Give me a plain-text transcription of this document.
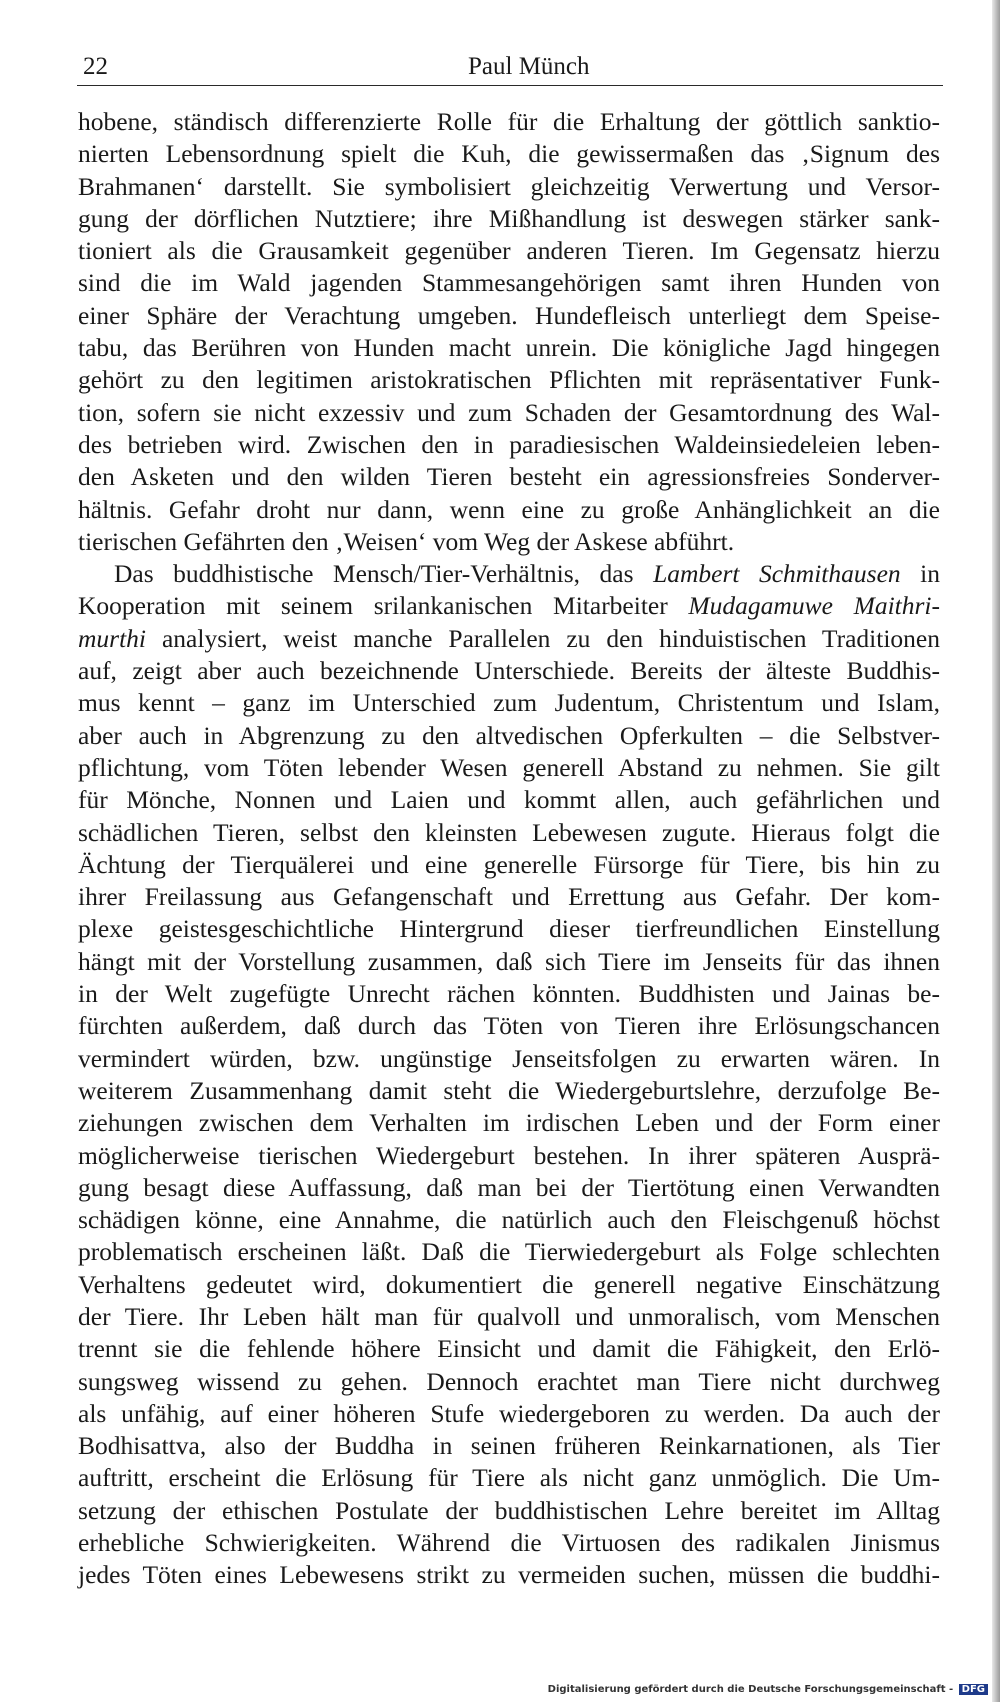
22	Paul Münch
hobene, ständisch differenzierte Rolle für die Erhaltung der göttlich sanktio-
nierten Lebensordnung spielt die Kuh, die gewissermaßen das ‚Signum des
Brahmanen‘ darstellt. Sie symbolisiert gleichzeitig Verwertung und Versor-
gung der dörflichen Nutztiere; ihre Mißhandlung ist deswegen stärker sank-
tioniert als die Grausamkeit gegenüber anderen Tieren. Im Gegensatz hierzu
sind die im Wald jagenden Stammesangehörigen samt ihren Hunden von
einer Sphäre der Verachtung umgeben. Hundefleisch unterliegt dem Speise-
tabu, das Berühren von Hunden macht unrein. Die königliche Jagd hingegen
gehört zu den legitimen aristokratischen Pflichten mit repräsentativer Funk-
tion, sofern sie nicht exzessiv und zum Schaden der Gesamtordnung des Wal-
des betrieben wird. Zwischen den in paradiesischen Waldeinsiedeleien leben-
den Asketen und den wilden Tieren besteht ein agressionsfreies Sonderver-
hältnis. Gefahr droht nur dann, wenn eine zu große Anhänglichkeit an die
tierischen Gefährten den ‚Weisen‘ vom Weg der Askese abführt.
Das buddhistische Mensch/Tier-Verhältnis, das Lambert Schmithausen in
Kooperation mit seinem srilankanischen Mitarbeiter Mudagamuwe Maithri-
murthi analysiert, weist manche Parallelen zu den hinduistischen Traditionen
auf, zeigt aber auch bezeichnende Unterschiede. Bereits der älteste Buddhis-
mus kennt – ganz im Unterschied zum Judentum, Christentum und Islam,
aber auch in Abgrenzung zu den altvedischen Opferkulten – die Selbstver-
pflichtung, vom Töten lebender Wesen generell Abstand zu nehmen. Sie gilt
für Mönche, Nonnen und Laien und kommt allen, auch gefährlichen und
schädlichen Tieren, selbst den kleinsten Lebewesen zugute. Hieraus folgt die
Ächtung der Tierquälerei und eine generelle Fürsorge für Tiere, bis hin zu
ihrer Freilassung aus Gefangenschaft und Errettung aus Gefahr. Der kom-
plexe geistesgeschichtliche Hintergrund dieser tierfreundlichen Einstellung
hängt mit der Vorstellung zusammen, daß sich Tiere im Jenseits für das ihnen
in der Welt zugefügte Unrecht rächen könnten. Buddhisten und Jainas be-
fürchten außerdem, daß durch das Töten von Tieren ihre Erlösungschancen
vermindert würden, bzw. ungünstige Jenseitsfolgen zu erwarten wären. In
weiterem Zusammenhang damit steht die Wiedergeburtslehre, derzufolge Be-
ziehungen zwischen dem Verhalten im irdischen Leben und der Form einer
möglicherweise tierischen Wiedergeburt bestehen. In ihrer späteren Ausprä-
gung besagt diese Auffassung, daß man bei der Tiertötung einen Verwandten
schädigen könne, eine Annahme, die natürlich auch den Fleischgenuß höchst
problematisch erscheinen läßt. Daß die Tierwiedergeburt als Folge schlechten
Verhaltens gedeutet wird, dokumentiert die generell negative Einschätzung
der Tiere. Ihr Leben hält man für qualvoll und unmoralisch, vom Menschen
trennt sie die fehlende höhere Einsicht und damit die Fähigkeit, den Erlö-
sungsweg wissend zu gehen. Dennoch erachtet man Tiere nicht durchweg
als unfähig, auf einer höheren Stufe wiedergeboren zu werden. Da auch der
Bodhisattva, also der Buddha in seinen früheren Reinkarnationen, als Tier
auftritt, erscheint die Erlösung für Tiere als nicht ganz unmöglich. Die Um-
setzung der ethischen Postulate der buddhistischen Lehre bereitet im Alltag
erhebliche Schwierigkeiten. Während die Virtuosen des radikalen Jinismus
jedes Töten eines Lebewesens strikt zu vermeiden suchen, müssen die buddhi-
Digitalisierung gefördert durch die Deutsche Forschungsgemeinschaft - DFG
